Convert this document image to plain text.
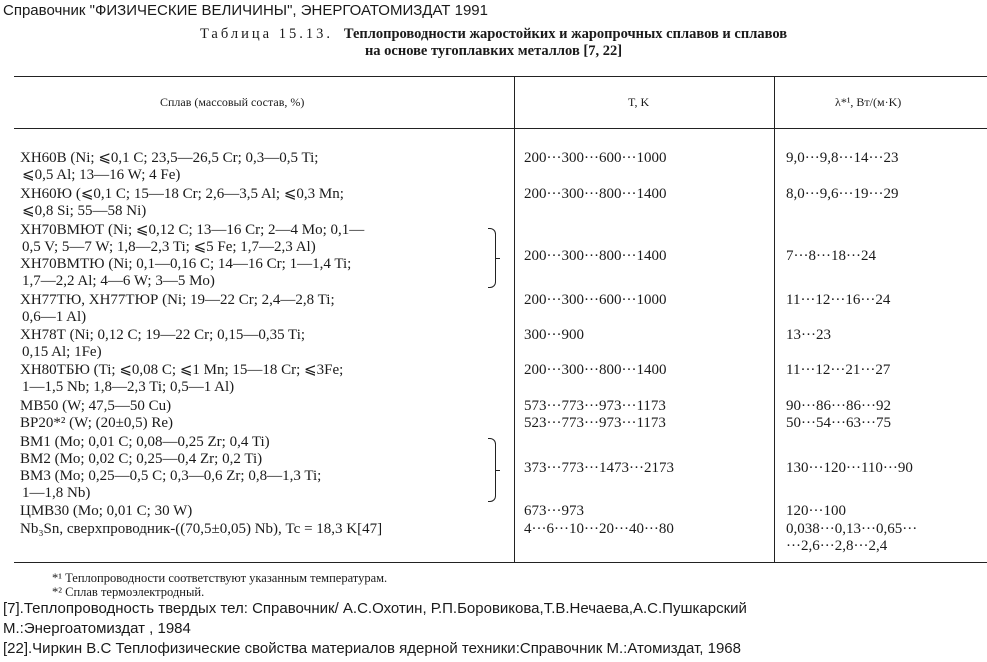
Справочник "ФИЗИЧЕСКИЕ ВЕЛИЧИНЫ", ЭНЕРГОАТОМИЗДАТ 1991
Таблица 15.13. Теплопроводности жаростойких и жаропрочных сплавов и сплавов
на основе тугоплавких металлов [7, 22]
Сплав (массовый состав, %)	T, K	λ*¹, Вт/(м·K)
ХН60В (Ni; ⩽0,1 C; 23,5—26,5 Cr; 0,3—0,5 Ti;
⩽0,5 Al; 13—16 W; 4 Fe)
200···300···600···1000	9,0···9,8···14···23
ХН60Ю (⩽0,1 C; 15—18 Cr; 2,6—3,5 Al; ⩽0,3 Mn;
⩽0,8 Si; 55—58 Ni)
200···300···800···1400	8,0···9,6···19···29
ХН70ВМЮТ (Ni; ⩽0,12 C; 13—16 Cr; 2—4 Mo; 0,1—
0,5 V; 5—7 W; 1,8—2,3 Ti; ⩽5 Fe; 1,7—2,3 Al)
ХН70ВМТЮ (Ni; 0,1—0,16 C; 14—16 Cr; 1—1,4 Ti;
1,7—2,2 Al; 4—6 W; 3—5 Mo)
200···300···800···1400	7···8···18···24
ХН77ТЮ, ХН77ТЮР (Ni; 19—22 Cr; 2,4—2,8 Ti;
0,6—1 Al)
200···300···600···1000	11···12···16···24
ХН78Т (Ni; 0,12 C; 19—22 Cr; 0,15—0,35 Ti;
0,15 Al; 1Fe)
300···900	13···23
ХН80ТБЮ (Ti; ⩽0,08 C; ⩽1 Mn; 15—18 Cr; ⩽3Fe;
1—1,5 Nb; 1,8—2,3 Ti; 0,5—1 Al)
200···300···800···1400	11···12···21···27
МВ50 (W; 47,5—50 Cu)	573···773···973···1173	90···86···86···92
ВР20*² (W; (20±0,5) Re)	523···773···973···1173	50···54···63···75
ВМ1 (Mo; 0,01 C; 0,08—0,25 Zr; 0,4 Ti)
ВМ2 (Mo; 0,02 C; 0,25—0,4 Zr; 0,2 Ti)
ВМ3 (Mo; 0,25—0,5 C; 0,3—0,6 Zr; 0,8—1,3 Ti;
1—1,8 Nb)
373···773···1473···2173	130···120···110···90
ЦМВ30 (Mo; 0,01 C; 30 W)	673···973	120···100
Nb₃Sn, сверхпроводник-((70,5±0,05) Nb), Tc = 18,3 K[47]	4···6···10···20···40···80	0,038···0,13···0,65···
···2,6···2,8···2,4
*¹ Теплопроводности соответствуют указанным температурам.
*² Сплав термоэлектродный.
[7].Теплопроводность твердых тел: Справочник/ А.С.Охотин, Р.П.Боровикова,Т.В.Нечаева,А.С.Пушкарский
М.:Энергоатомиздат , 1984
[22].Чиркин В.С Теплофизические свойства материалов ядерной техники:Справочник М.:Атомиздат, 1968
